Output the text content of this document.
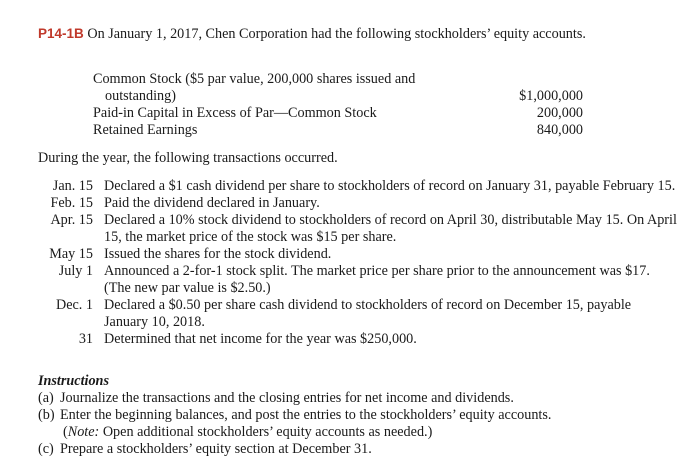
P14-1B On January 1, 2017, Chen Corporation had the following stockholders’ equity accounts.
Common Stock ($5 par value, 200,000 shares issued and
outstanding)	$1,000,000
Paid-in Capital in Excess of Par—Common Stock	200,000
Retained Earnings	840,000
During the year, the following transactions occurred.
Jan. 15 Declared a $1 cash dividend per share to stockholders of record on January 31, payable February 15.
Feb. 15 Paid the dividend declared in January.
Apr. 15 Declared a 10% stock dividend to stockholders of record on April 30, distributable May 15. On April 15, the market price of the stock was $15 per share.
May 15 Issued the shares for the stock dividend.
July 1 Announced a 2-for-1 stock split. The market price per share prior to the announcement was $17. (The new par value is $2.50.)
Dec. 1 Declared a $0.50 per share cash dividend to stockholders of record on December 15, payable January 10, 2018.
31 Determined that net income for the year was $250,000.
Instructions
(a) Journalize the transactions and the closing entries for net income and dividends.
(b) Enter the beginning balances, and post the entries to the stockholders’ equity accounts.
(Note: Open additional stockholders’ equity accounts as needed.)
(c) Prepare a stockholders’ equity section at December 31.
